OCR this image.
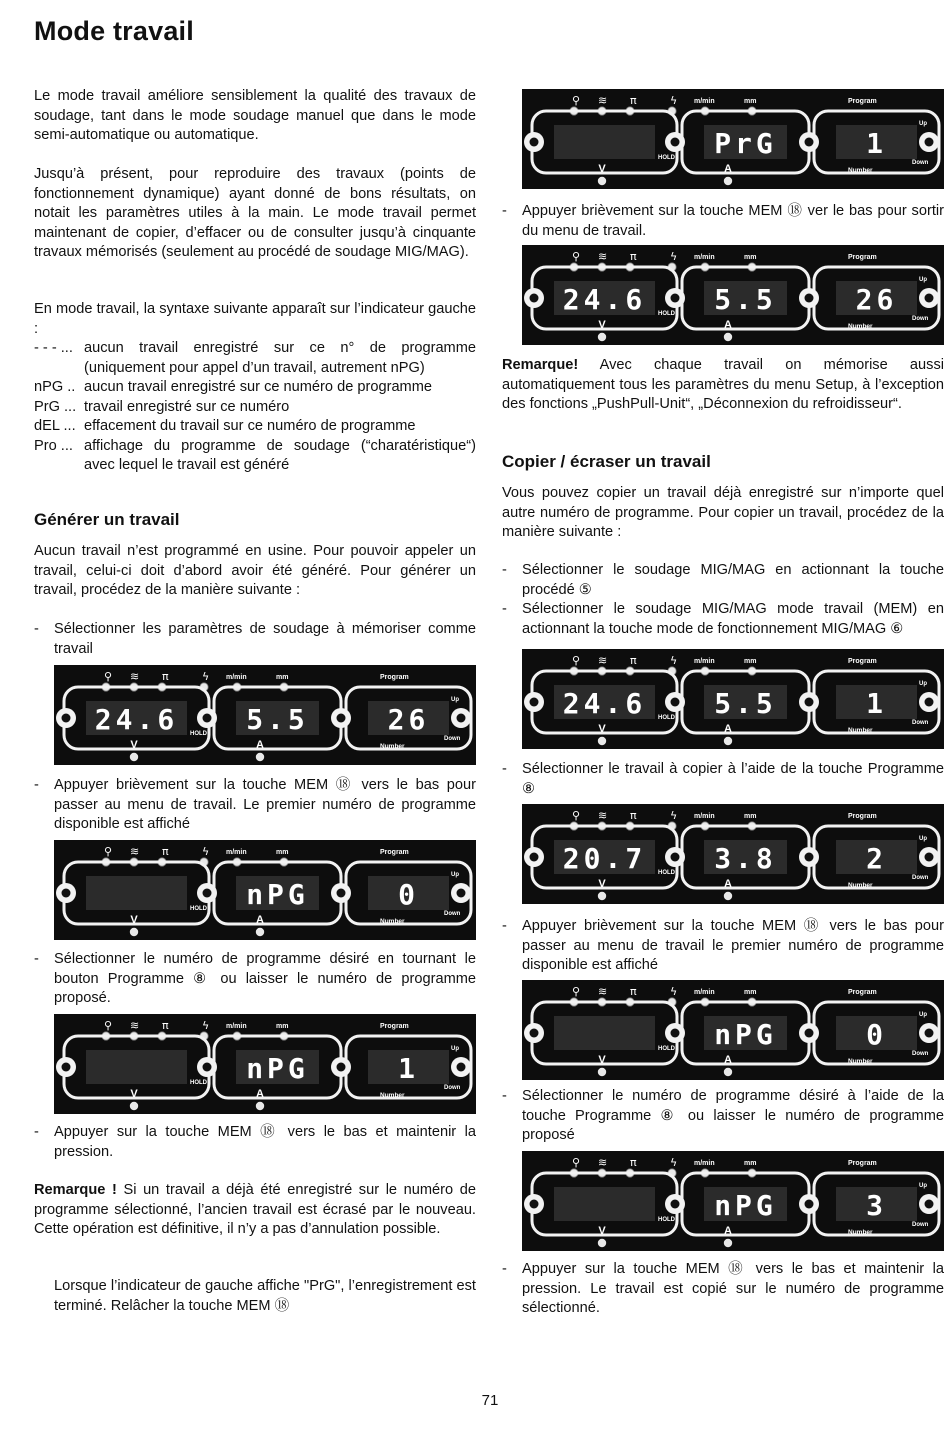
Mode travail

Le mode travail améliore sensiblement la qualité des travaux de soudage, tant dans le mode soudage manuel que dans le mode semi-automatique ou automatique.

Jusqu’à présent, pour reproduire des travaux (points de fonctionnement dynamique) ayant donné de bons résultats, on notait les paramètres utiles à la main. Le mode travail permet maintenant de copier, d’effacer ou de consulter jusqu’à cinquante travaux mémorisés (seulement au procédé de soudage MIG/MAG).

En mode travail, la syntaxe suivante apparaît sur l’indicateur gauche :

- - - ... aucun travail enregistré sur ce n° de programme (uniquement pour appel d’un travail, autrement nPG)
nPG .. aucun travail enregistré sur ce numéro de programme
PrG ... travail enregistré sur ce numéro
dEL ... effacement du travail sur ce numéro de programme
Pro ... affichage du programme de soudage (“charatéristique“) avec lequel le travail est généré
Générer un travail

Aucun travail n’est programmé en usine. Pour pouvoir appeler un travail, celui-ci doit d’abord avoir été généré. Pour générer un travail, procédez de la manière suivante :

- Sélectionner les paramètres de soudage à mémoriser comme travail
⚲ ≋ π	ϟ m/min	mm	Program
24.6 5.5	26
V	A
HOLD
Number
Up
Down
- Appuyer brièvement sur la touche MEM ⑱ vers le bas pour passer au menu de travail. Le premier numéro de programme disponible est affiché
⚲ ≋ π	ϟ m/min	mm	Program
nPG	0
V	A
HOLD
Number
Up
Down
- Sélectionner le numéro de programme désiré en tournant le bouton Programme ⑧ ou laisser le numéro de programme proposé.
⚲ ≋ π	ϟ m/min	mm	Program
nPG	1
V	A
HOLD
Number
Up
Down
- Appuyer sur la touche MEM ⑱ vers le bas et maintenir la pression.

Remarque ! Si un travail a déjà été enregistré sur le numéro de programme sélectionné, l’ancien travail est écrasé par le nouveau. Cette opération est définitive, il n’y a pas d’annulation possible.

Lorsque l’indicateur de gauche affiche "PrG", l’enregistrement est terminé. Relâcher la touche MEM ⑱

⚲ ≋ π	ϟ m/min	mm	Program
PrG	1
V	A
HOLD
Number
Up
Down
- Appuyer brièvement sur la touche MEM ⑱ ver le bas pour sortir du menu de travail.
⚲ ≋ π	ϟ m/min	mm	Program
24.6 5.5	26
V	A
HOLD
Number
Up
Down

Remarque! Avec chaque travail on mémorise aussi automatiquement tous les paramètres du menu Setup, à l’exception des fonctions „PushPull-Unit“, „Déconnexion du refroidisseur“.

Copier / écraser un travail

Vous pouvez copier un travail déjà enregistré sur n’importe quel autre numéro de programme. Pour copier un travail, procédez de la manière suivante :

- Sélectionner le soudage MIG/MAG en actionnant la touche procédé ⑤
- Sélectionner le soudage MIG/MAG mode travail (MEM) en actionnant la touche mode de fonctionnement MIG/MAG ⑥
⚲ ≋ π	ϟ m/min	mm	Program
24.6 5.5	1
V	A
HOLD
Number
Up
Down
- Sélectionner le travail à copier à l’aide de la touche Programme ⑧
⚲ ≋ π	ϟ m/min	mm	Program
20.7 3.8	2
V	A
HOLD
Number
Up
Down
- Appuyer brièvement sur la touche MEM ⑱ vers le bas pour passer au menu de travail le premier numéro de programme disponible est affiché
⚲ ≋ π	ϟ m/min	mm	Program
nPG	0
V	A
HOLD
Number
Up
Down
- Sélectionner le numéro de programme désiré à l’aide de la touche Programme ⑧ ou laisser le numéro de programme proposé
⚲ ≋ π	ϟ m/min	mm	Program
nPG	3
V	A
HOLD
Number
Up
Down
- Appuyer sur la touche MEM ⑱ vers le bas et maintenir la pression. Le travail est copié sur le numéro de programme sélectionné.
71
